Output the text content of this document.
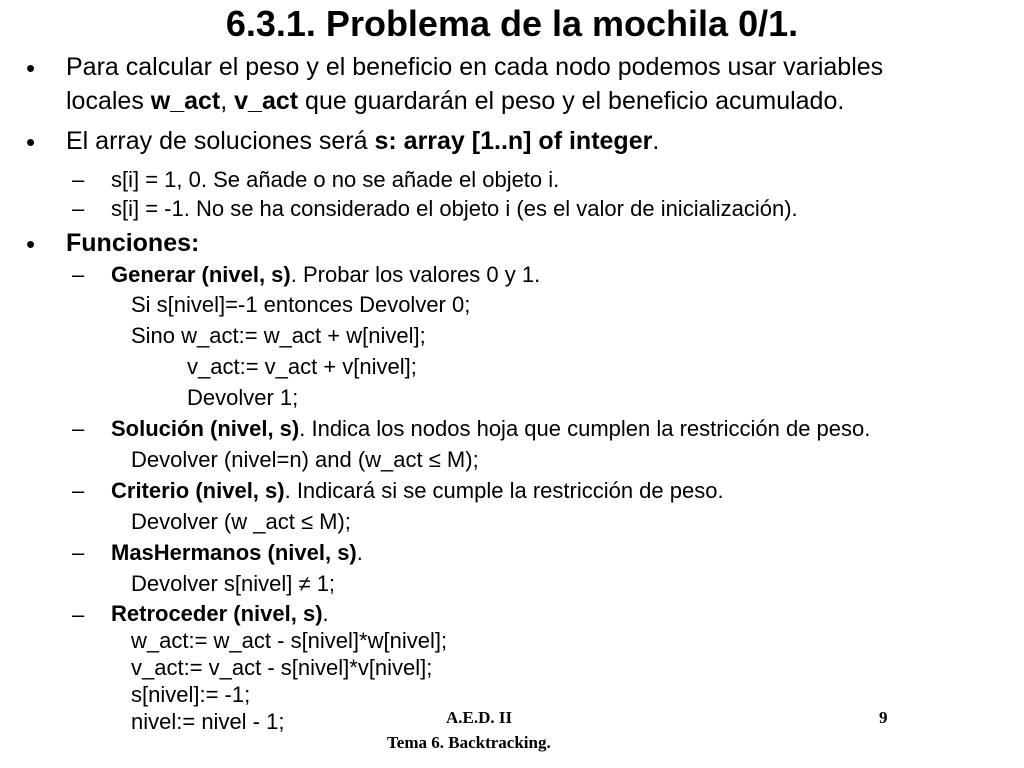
6.3.1. Problema de la mochila 0/1.
• Para calcular el peso y el beneficio en cada nodo podemos usar variables
locales w_act, v_act que guardarán el peso y el beneficio acumulado.
• El array de soluciones será s: array [1..n] of integer.
– s[i] = 1, 0. Se añade o no se añade el objeto i.
– s[i] = -1. No se ha considerado el objeto i (es el valor de inicialización).
• Funciones:
– Generar (nivel, s). Probar los valores 0 y 1.
Si s[nivel]=-1 entonces Devolver 0;
Sino w_act:= w_act + w[nivel];
v_act:= v_act + v[nivel];
Devolver 1;
– Solución (nivel, s). Indica los nodos hoja que cumplen la restricción de peso.
Devolver (nivel=n) and (w_act ≤ M);
– Criterio (nivel, s). Indicará si se cumple la restricción de peso.
Devolver (w _act ≤ M);
– MasHermanos (nivel, s).
Devolver s[nivel] ≠ 1;
– Retroceder (nivel, s).
w_act:= w_act - s[nivel]*w[nivel];
v_act:= v_act - s[nivel]*v[nivel];
s[nivel]:= -1;
nivel:= nivel - 1;	A.E.D. II
Tema 6. Backtracking.
9
